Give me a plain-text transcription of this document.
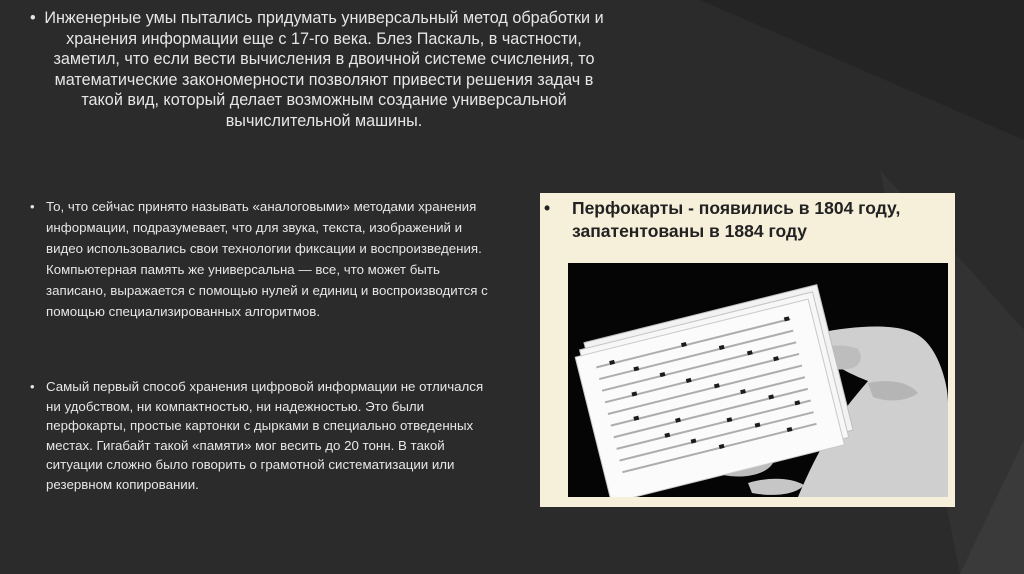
• Инженерные умы пытались придумать универсальный метод обработки и хранения информации еще с 17-го века. Блез Паскаль, в частности, заметил, что если вести вычисления в двоичной системе счисления, то математические закономерности позволяют привести решения задач в такой вид, который делает возможным создание универсальной вычислительной машины.
• То, что сейчас принято называть «аналоговыми» методами хранения информации, подразумевает, что для звука, текста, изображений и видео использовались свои технологии фиксации и воспроизведения. Компьютерная память же универсальна — все, что может быть записано, выражается с помощью нулей и единиц и воспроизводится с помощью специализированных алгоритмов.
• Самый первый способ хранения цифровой информации не отличался ни удобством, ни компактностью, ни надежностью. Это были перфокарты, простые картонки с дырками в специально отведенных местах. Гигабайт такой «памяти» мог весить до 20 тонн. В такой ситуации сложно было говорить о грамотной систематизации или резервном копировании.
•	Перфокарты - появились в 1804 году, запатентованы в 1884 году
